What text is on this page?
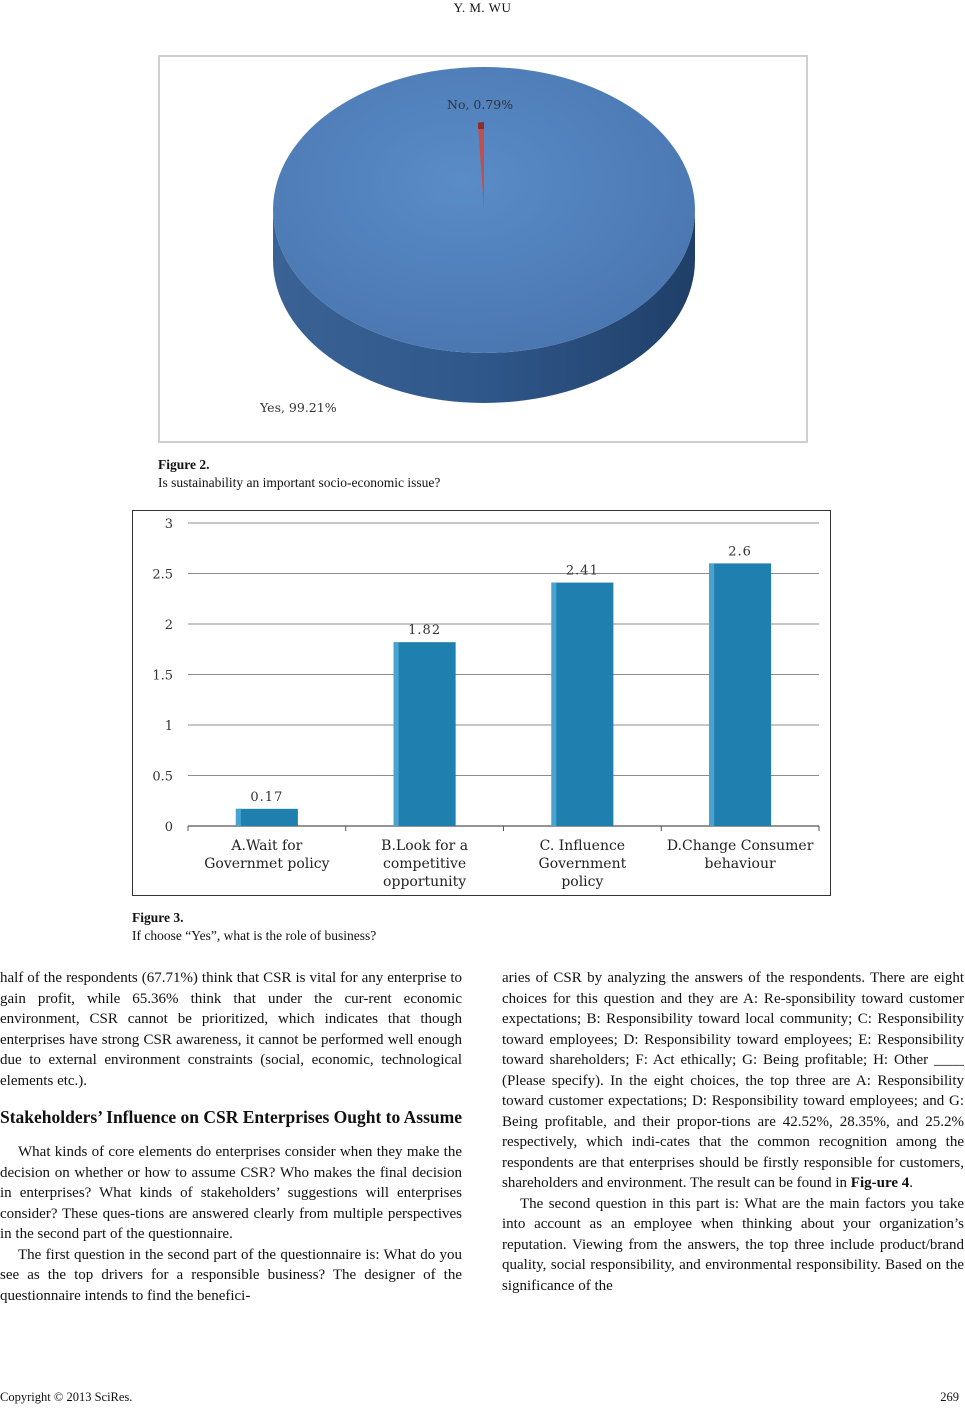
Y. M. WU
No, 0.79%
Yes, 99.21%
Figure 2.
Is sustainability an important socio-economic issue?
0
0.5
1
1.5
2
2.5
3
0.17
A.Wait for
Governmet policy
1.82
B.Look for a
competitive
opportunity
2.41
C. Influence
Government
policy
2.6
D.Change Consumer
behaviour
Figure 3.
If choose “Yes”, what is the role of business?

half of the respondents (67.71%) think that CSR is vital for any enterprise to gain profit, while 65.36% think that under the cur-rent economic environment, CSR cannot be prioritized, which indicates that though enterprises have strong CSR awareness, it cannot be performed well enough due to external environment constraints (social, economic, technological elements etc.).

Stakeholders’ Influence on CSR Enterprises Ought to Assume

What kinds of core elements do enterprises consider when they make the decision on whether or how to assume CSR? Who makes the final decision in enterprises? What kinds of stakeholders’ suggestions will enterprises consider? These ques-tions are answered clearly from multiple perspectives in the second part of the questionnaire.

The first question in the second part of the questionnaire is: What do you see as the top drivers for a responsible business? The designer of the questionnaire intends to find the benefici-

aries of CSR by analyzing the answers of the respondents. There are eight choices for this question and they are A: Re-sponsibility toward customer expectations; B: Responsibility toward local community; C: Responsibility toward employees; D: Responsibility toward employees; E: Responsibility toward shareholders; F: Act ethically; G: Being profitable; H: Other ____ (Please specify). In the eight choices, the top three are A: Responsibility toward customer expectations; D: Responsibility toward employees; and G: Being profitable, and their propor-tions are 42.52%, 28.35%, and 25.2% respectively, which indi-cates that the common recognition among the respondents are that enterprises should be firstly responsible for customers, shareholders and environment. The result can be found in Fig-ure 4.

The second question in this part is: What are the main factors you take into account as an employee when thinking about your organization’s reputation. Viewing from the answers, the top three include product/brand quality, social responsibility, and environmental responsibility. Based on the significance of the

Copyright © 2013 SciRes.	269
